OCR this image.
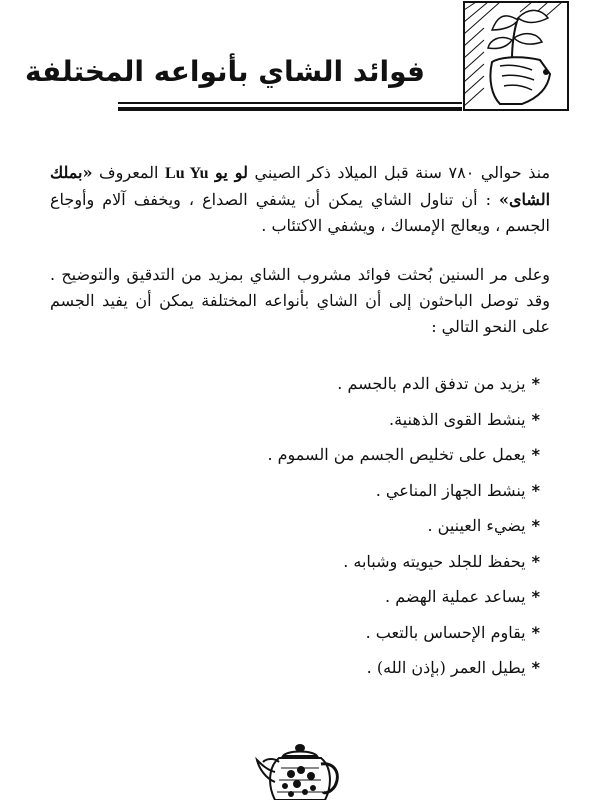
فوائد الشاي بأنواعه المختلفة
منذ حوالي ٧٨٠ سنة قبل الميلاد ذكر الصيني لو يو Lu Yu المعروف «بملك الشاى» : أن تناول الشاي يمكن أن يشفي الصداع ، ويخفف آلام وأوجاع الجسم ، ويعالج الإمساك ، ويشفي الاكتئاب .
وعلى مر السنين بُحثت فوائد مشروب الشاي بمزيد من التدقيق والتوضيح . وقد توصل الباحثون إلى أن الشاي بأنواعه المختلفة يمكن أن يفيد الجسم على النحو التالي :
*يزيد من تدفق الدم بالجسم .
*ينشط القوى الذهنية.
*يعمل على تخليص الجسم من السموم .
*ينشط الجهاز المناعي .
*يضيء العينين .
*يحفظ للجلد حيويته وشبابه .
*يساعد عملية الهضم .
*يقاوم الإحساس بالتعب .
*يطيل العمر (بإذن الله) .
